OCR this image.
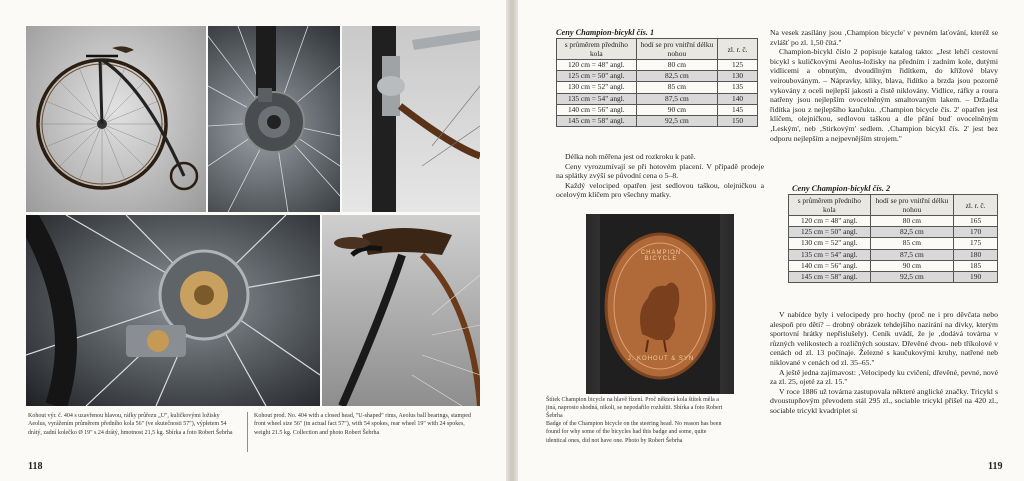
Kohout výr. č. 404 s uzavřenou hlavou, ráfky průřezu „U", kuličkovými ložisky Aeolus, vyrážením průměrem předního kola 56" (ve skutečnosti 57"), výpletem 54 drátý, zadní kolečko Ø 19" s 24 drátý, hmotnost 21,5 kg. Sbírka a foto Robert Šebrha
Kohout prod. No. 404 with a closed head, "U-shaped" rims, Aeolus ball bearings, stamped front wheel size 56" (in actual fact 57"), with 54 spokes, rear wheel 19" with 24 spokes, weight 21.5 kg. Collection and photo Robert Šebrha
118
Ceny Champion-bicykl čís. 1
s průměrem předního kola	hodí se pro vnitřní délku nohou	zl. r. č.
120 cm = 48" angl.	80 cm	125
125 cm = 50" angl.	82,5 cm	130
130 cm = 52" angl.	85 cm	135
135 cm = 54" angl.	87,5 cm	140
140 cm = 56" angl.	90 cm	145
145 cm = 58" angl.	92,5 cm	150

Délka noh měřena jest od rozkroku k patě.

Ceny vyrozumívají se při hotovém placení. V případě prodeje na splátky zvýší se původní cena o 5–8.

Každý velociped opatřen jest sedlovou taškou, olejničkou a ocelovým klíčem pro všechny matky.

CHAMPION BICYCLE
J. KOHOUT & SYN
Štítek Champion bicycle na hlavě řízení. Proč některá kola štítek měla a jiná, naprosto shodná, nikoli, se nepodařilo rozluštit. Sbírka a foto Robert Šebrha
Badge of the Champion bicycle on the steering head. No reason has been found for why some of the bicycles had this badge and some, quite identical ones, did not have one. Photo by Robert Šebrha

Na vesek zasílány jsou ‚Champion bicycle' v pevném laťování, kteréž se zvlášť po zl. 1,50 čítá."

Champion-bicykl číslo 2 popisuje katalog takto: „Jest lehčí cestovní bicykl s kuličkovými Aeolus-ložisky na předním i zadním kole, dutými vidlicemi a obnutým, dvoudílným řidítkem, do křížové blavy veirouboványm. – Nápravky, kliky, blava, řidítko a brzda jsou pozorně vykovány z oceli nejlepší jakosti a čistě niklovány. Vidlice, ráfky a roura natřeny jsou nejlepším ovocelněným smaltovaným lakem. – Držadla řidítka jsou z nejlepšího kaučuku. ‚Champion bicycle čís. 2' opatřen jest klíčem, olejničkou, sedlovou taškou a dle přání buď ovocelněným ‚Leským', neb ‚Stirkovým' sedlem. ‚Champion bicykl čís. 2' jest bez odporu nejlepším a nejpevnějším strojem."

Ceny Champion-bicykl čís. 2
s průměrem předního kola	hodí se pro vnitřní délku nohou	zl. r. č.
120 cm = 48" angl.	80 cm	165
125 cm = 50" angl.	82,5 cm	170
130 cm = 52" angl.	85 cm	175
135 cm = 54" angl.	87,5 cm	180
140 cm = 56" angl.	90 cm	185
145 cm = 58" angl.	92,5 cm	190

V nabídce byly i velocipedy pro hochy (proč ne i pro děvčata nebo alespoň pro děti? – drobný obrázek tehdejšího nazírání na dívky, kterým sportovní hrátky nepřislušely). Ceník uvádí, že je ‚dodává továrna v různých velikostech a rozličných soustav. Dřevěné dvou- neb tříkolové v cenách od zl. 13 počínaje. Železné s kaučukovými kruhy, natřené neb niklované v cenách od zl. 35–65."

A ještě jedna zajímavost: ‚Velocipedy ku cvičení, dřevěné, pevné, nové za zl. 25, ojeté za zl. 15."

V roce 1886 už továrna zastupovala některé anglické značky. Tricykl s dvoustupňovým převodem stál 295 zl., sociable tricykl přišel na 420 zl., sociable tricykl kvadriplet si

119
